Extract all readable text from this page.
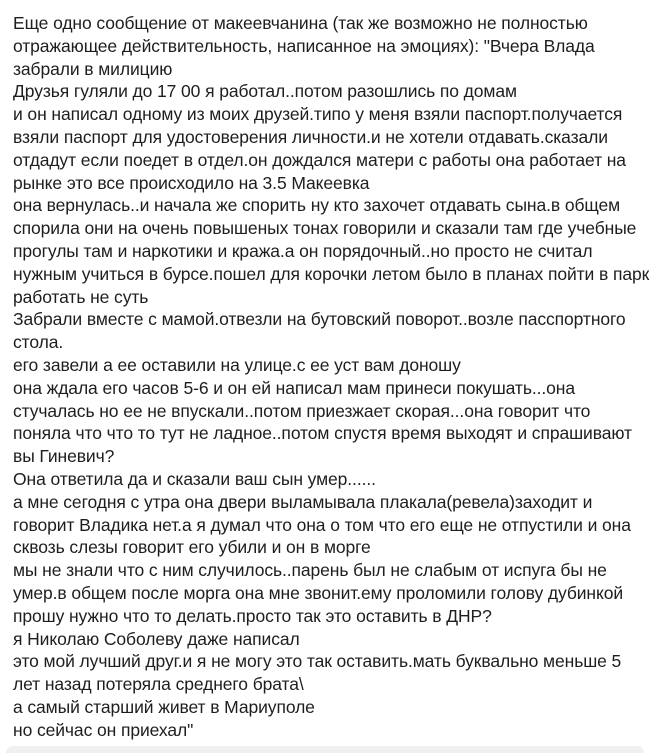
Еще одно сообщение от макеевчанина (так же возможно не полностью
отражающее действительность, написанное на эмоциях): "Вчера Влада
забрали в милицию
Друзья гуляли до 17 00 я работал..потом разошлись по домам
и он написал одному из моих друзей.типо у меня взяли паспорт.получается
взяли паспорт для удостоверения личности.и не хотели отдавать.сказали
отдадут если поедет в отдел.он дождался матери с работы она работает на
рынке это все происходило на 3.5 Макеевка
она вернулась..и начала же спорить ну кто захочет отдавать сына.в общем
спорила они на очень повышеных тонах говорили и сказали там где учебные
прогулы там и наркотики и кража.а он порядочный..но просто не считал
нужным учиться в бурсе.пошел для корочки летом было в планах пойти в парк
работать не суть
Забрали вместе с мамой.отвезли на бутовский поворот..возле пасспортного
стола.
его завели а ее оставили на улице.с ее уст вам доношу
она ждала его часов 5-6 и он ей написал мам принеси покушать...она
стучалась но ее не впускали..потом приезжает скорая...она говорит что
поняла что что то тут не ладное..потом спустя время выходят и спрашивают
вы Гиневич?
Она ответила да и сказали ваш сын умер......
а мне сегодня с утра она двери выламывала плакала(ревела)заходит и
говорит Владика нет.а я думал что она о том что его еще не отпустили и она
сквозь слезы говорит его убили и он в морге
мы не знали что с ним случилось..парень был не слабым от испуга бы не
умер.в общем после морга она мне звонит.ему проломили голову дубинкой
прошу нужно что то делать.просто так это оставить в ДНР?
я Николаю Соболеву даже написал
это мой лучший друг.и я не могу это так оставить.мать буквально меньше 5
лет назад потеряла среднего брата\
а самый старший живет в Мариуполе
но сейчас он приехал"
